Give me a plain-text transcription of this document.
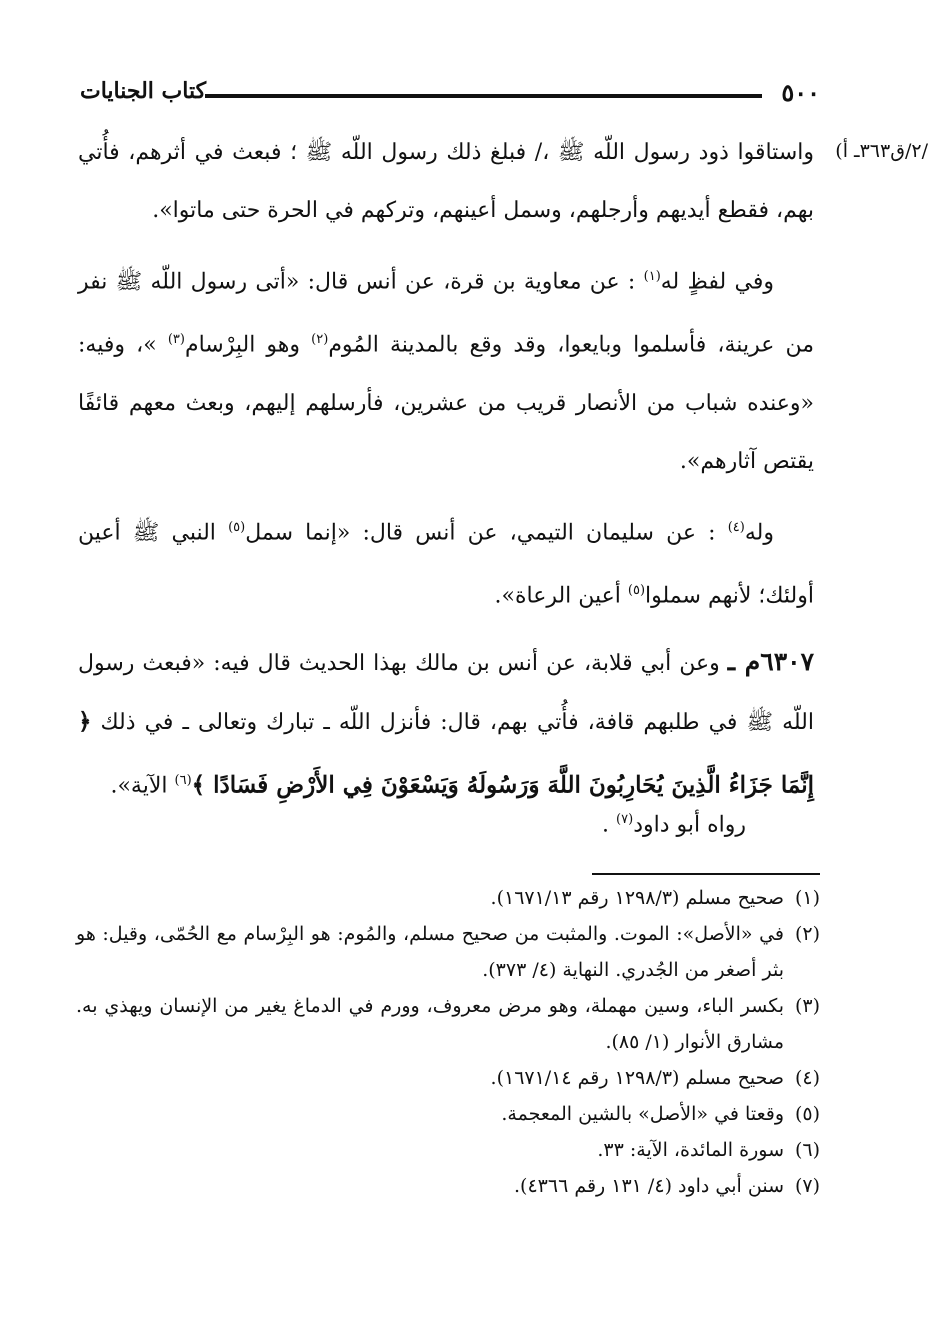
٥٠٠
كتاب الجنايات
/٢/ق٣٦٣ـ أ)

واستاقوا ذود رسول اللّه ﷺ ،/ فبلغ ذلك رسول اللّه ﷺ ؛ فبعث في أثرهم، فأُتي بهم، فقطع أيديهم وأرجلهم، وسمل أعينهم، وتركهم في الحرة حتى ماتوا».

وفي لفظٍ له$^{(١)}$ : عن معاوية بن قرة، عن أنس قال: «أتى رسول اللّه ﷺ نفر من عرينة، فأسلموا وبايعوا، وقد وقع بالمدينة المُوم$^{(٢)}$ وهو البِرْسام$^{(٣)}$ »، وفيه: «وعنده شباب من الأنصار قريب من عشرين، فأرسلهم إليهم، وبعث معهم قائفًا يقتص آثارهم».

وله$^{(٤)}$ : عن سليمان التيمي، عن أنس قال: «إنما سمل$^{(٥)}$ النبي ﷺ أعين أولئك؛ لأنهم سملوا$^{(٥)}$ أعين الرعاة».

٦٣٠٧م ـ وعن أبي قلابة، عن أنس بن مالك بهذا الحديث قال فيه: «فبعث رسول اللّه ﷺ في طلبهم قافة، فأُتي بهم، قال: فأنزل اللّه ـ تبارك وتعالى ـ في ذلك ﴿ إِنَّمَا جَزَاءُ الَّذِينَ يُحَارِبُونَ اللَّهَ وَرَسُولَهُ وَيَسْعَوْنَ فِي الأَرْضِ فَسَادًا ﴾$^{(٦)}$ الآية».

رواه أبو داود$^{(٧)}$ .

(١)صحيح مسلم (١٢٩٨/٣ رقم ١٦٧١/١٣).

(٢)في «الأصل»: الموت. والمثبت من صحيح مسلم، والمُوم: هو البِرْسام مع الحُمّى، وقيل: هو بثر أصغر من الجُدري. النهاية (٤/ ٣٧٣).

(٣)بكسر الباء، وسين مهملة، وهو مرض معروف، وورم في الدماغ يغير من الإنسان ويهذي به. مشارق الأنوار (١/ ٨٥).

(٤)صحيح مسلم (١٢٩٨/٣ رقم ١٦٧١/١٤).

(٥)وقعتا في «الأصل» بالشين المعجمة.

(٦)سورة المائدة، الآية: ٣٣.

(٧)سنن أبي داود (٤/ ١٣١ رقم ٤٣٦٦).
